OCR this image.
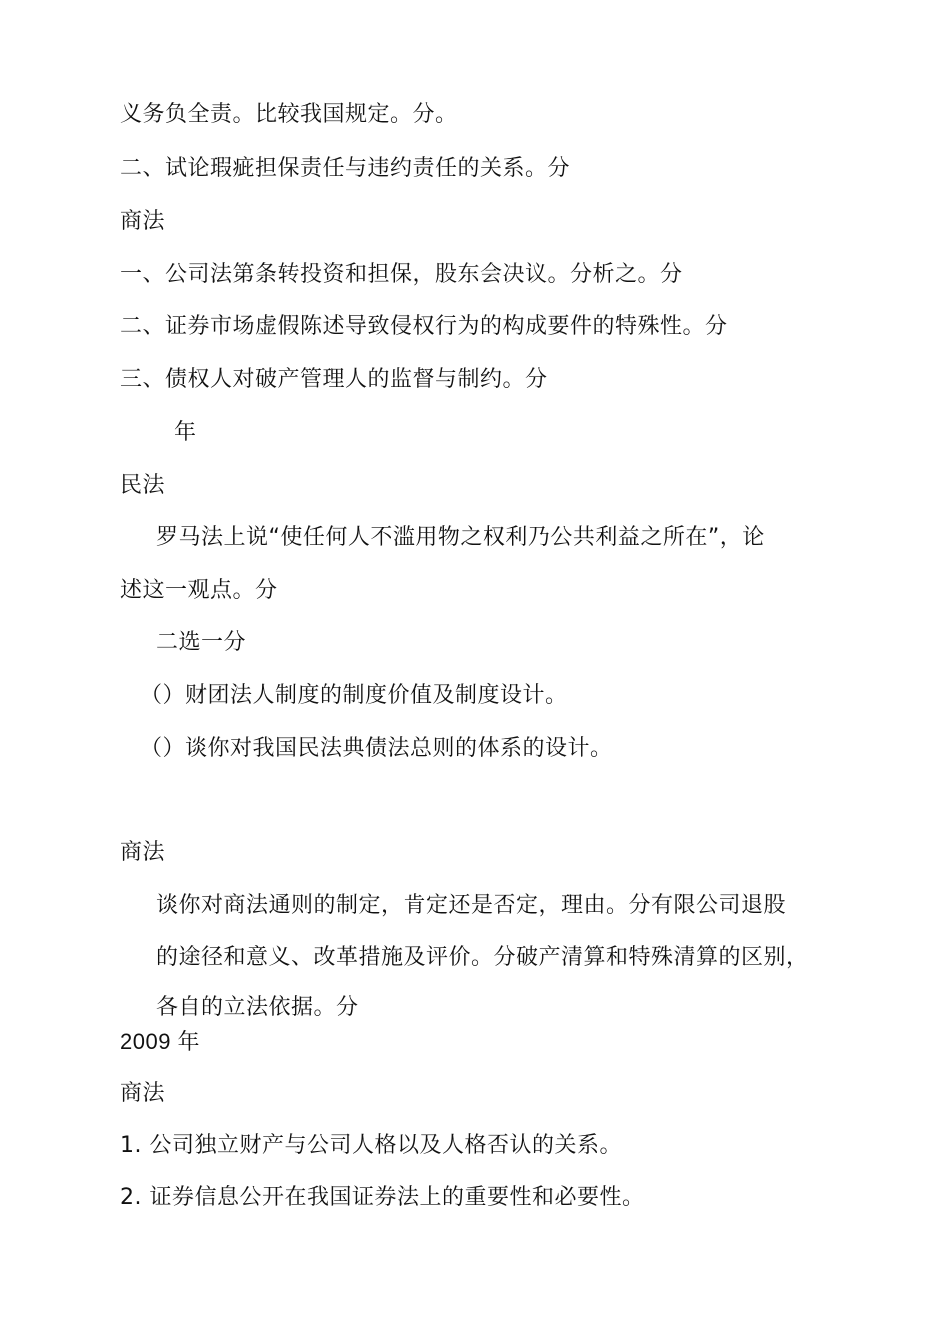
义务负全责。比较我国规定。分。
二、试论瑕疵担保责任与违约责任的关系。分
商法
一、公司法第条转投资和担保，股东会决议。分析之。分
二、证券市场虚假陈述导致侵权行为的构成要件的特殊性。分
三、债权人对破产管理人的监督与制约。分
年
民法
罗马法上说“使任何人不滥用物之权利乃公共利益之所在”，论
述这一观点。分
二选一分
（）财团法人制度的制度价值及制度设计。
（）谈你对我国民法典债法总则的体系的设计。
商法
谈你对商法通则的制定，肯定还是否定，理由。分有限公司退股
的途径和意义、改革措施及评价。分破产清算和特殊清算的区别，
各自的立法依据。分
2009 年
商法
1. 公司独立财产与公司人格以及人格否认的关系。
2. 证券信息公开在我国证券法上的重要性和必要性。
